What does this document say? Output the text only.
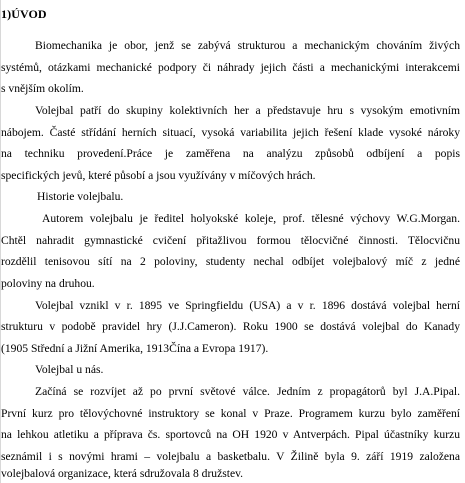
1)ÚVOD
Biomechanika je obor, jenž se zabývá strukturou a mechanickým chováním živých
systémů, otázkami mechanické podpory či náhrady jejich části a mechanickými interakcemi
s vnějším okolím.
Volejbal patří do skupiny kolektivních her a představuje hru s vysokým emotivním
nábojem. Časté střídání herních situací, vysoká variabilita jejich řešení klade vysoké nároky
na techniku provedení.Práce je zaměřena na analýzu způsobů odbíjení a popis
specifických jevů, které působí a jsou využívány v míčových hrách.
Historie volejbalu.
Autorem volejbalu je ředitel holyokské koleje, prof. tělesné výchovy W.G.Morgan.
Chtěl nahradit gymnastické cvičení přitažlivou formou tělocvičné činnosti. Tělocvičnu
rozdělil tenisovou sítí na 2 poloviny, studenty nechal odbíjet volejbalový míč z jedné
poloviny na druhou.
Volejbal vznikl v r. 1895 ve Springfieldu (USA) a v r. 1896 dostává volejbal herní
strukturu v podobě pravidel hry (J.J.Cameron). Roku 1900 se dostává volejbal do Kanady
(1905 Střední a Jižní Amerika, 1913Čína a Evropa 1917).
Volejbal u nás.
Začíná se rozvíjet až po první světové válce. Jedním z propagátorů byl J.A.Pipal.
První kurz pro tělovýchovné instruktory se konal v Praze. Programem kurzu bylo zaměření
na lehkou atletiku a příprava čs. sportovců na OH 1920 v Antverpách. Pipal účastníky kurzu
seznámil i s novými hrami – volejbalu a basketbalu. V Žilině byla 9. září 1919 založena
volejbalová organizace, která sdružovala 8 družstev.
